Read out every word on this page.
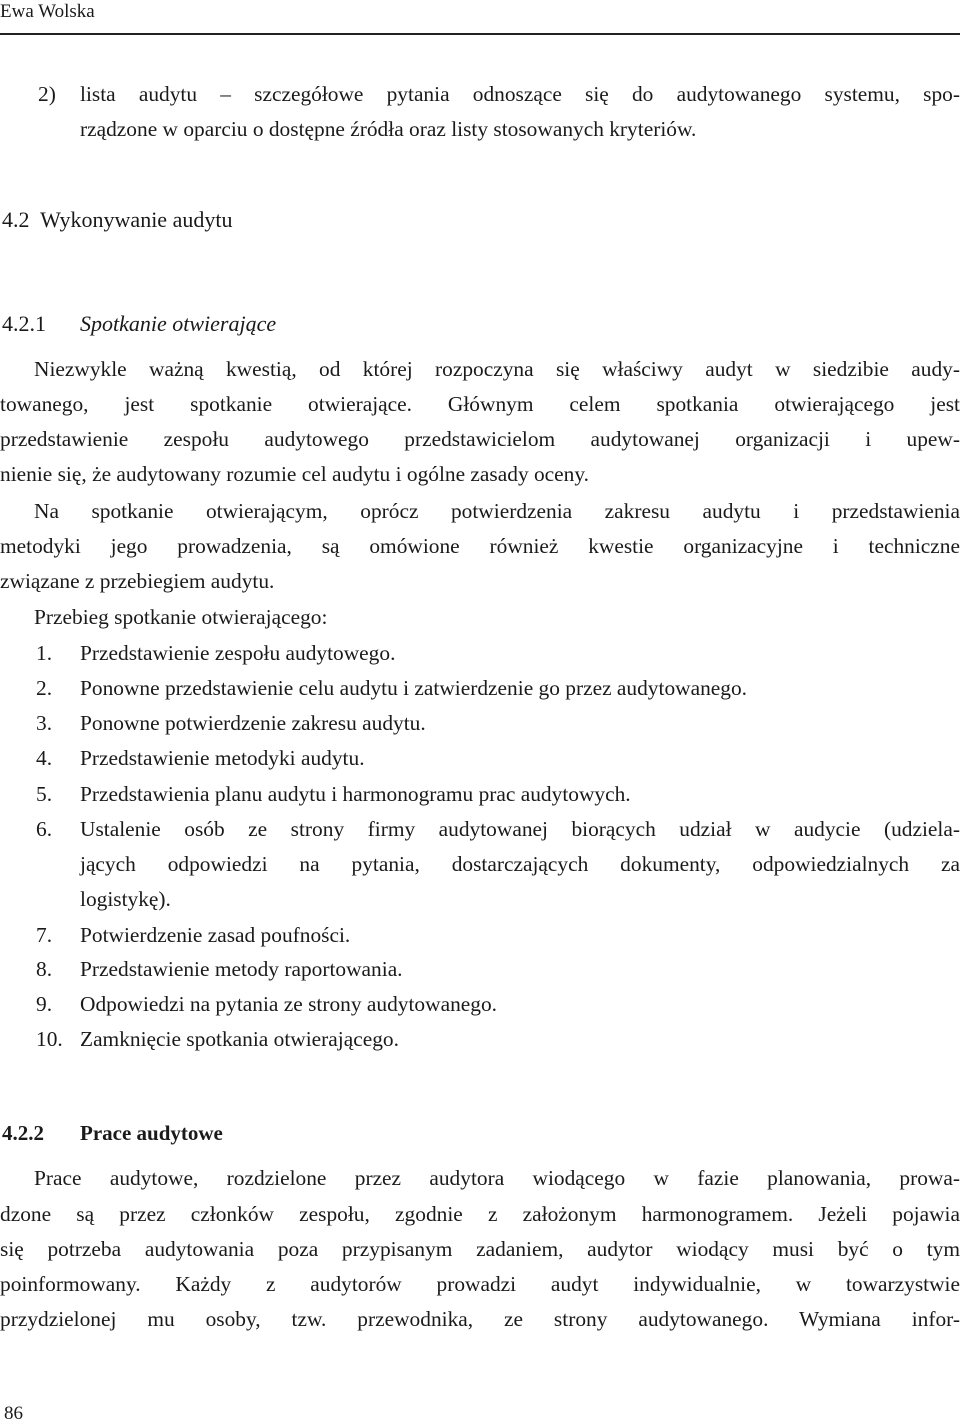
Ewa Wolska
2)	lista audytu – szczegółowe pytania odnoszące się do audytowanego systemu, spo-
rządzone w oparciu o dostępne źródła oraz listy stosowanych kryteriów.
4.2  Wykonywanie audytu
4.2.1 Spotkanie otwierające
Niezwykle ważną kwestią, od której rozpoczyna się właściwy audyt w siedzibie audy-
towanego, jest spotkanie otwierające. Głównym celem spotkania otwierającego jest
przedstawienie zespołu audytowego przedstawicielom audytowanej organizacji i upew-
nienie się, że audytowany rozumie cel audytu i ogólne zasady oceny.
Na spotkanie otwierającym, oprócz potwierdzenia zakresu audytu i przedstawienia
metodyki jego prowadzenia, są omówione również kwestie organizacyjne i techniczne
związane z przebiegiem audytu.
Przebieg spotkanie otwierającego:
1.	Przedstawienie zespołu audytowego.
2.	Ponowne przedstawienie celu audytu i zatwierdzenie go przez audytowanego.
3.	Ponowne potwierdzenie zakresu audytu.
4.	Przedstawienie metodyki audytu.
5.	Przedstawienia planu audytu i harmonogramu prac audytowych.
6.	Ustalenie osób ze strony firmy audytowanej biorących udział w audycie (udziela-
jących odpowiedzi na pytania, dostarczających dokumenty, odpowiedzialnych za
logistykę).
7.	Potwierdzenie zasad poufności.
8.	Przedstawienie metody raportowania.
9.	Odpowiedzi na pytania ze strony audytowanego.
10. Zamknięcie spotkania otwierającego.
4.2.2 Prace audytowe
Prace audytowe, rozdzielone przez audytora wiodącego w fazie planowania, prowa-
dzone są przez członków zespołu, zgodnie z założonym harmonogramem. Jeżeli pojawia
się potrzeba audytowania poza przypisanym zadaniem, audytor wiodący musi być o tym
poinformowany. Każdy z audytorów prowadzi audyt indywidualnie, w towarzystwie
przydzielonej mu osoby, tzw. przewodnika, ze strony audytowanego. Wymiana infor-
86
